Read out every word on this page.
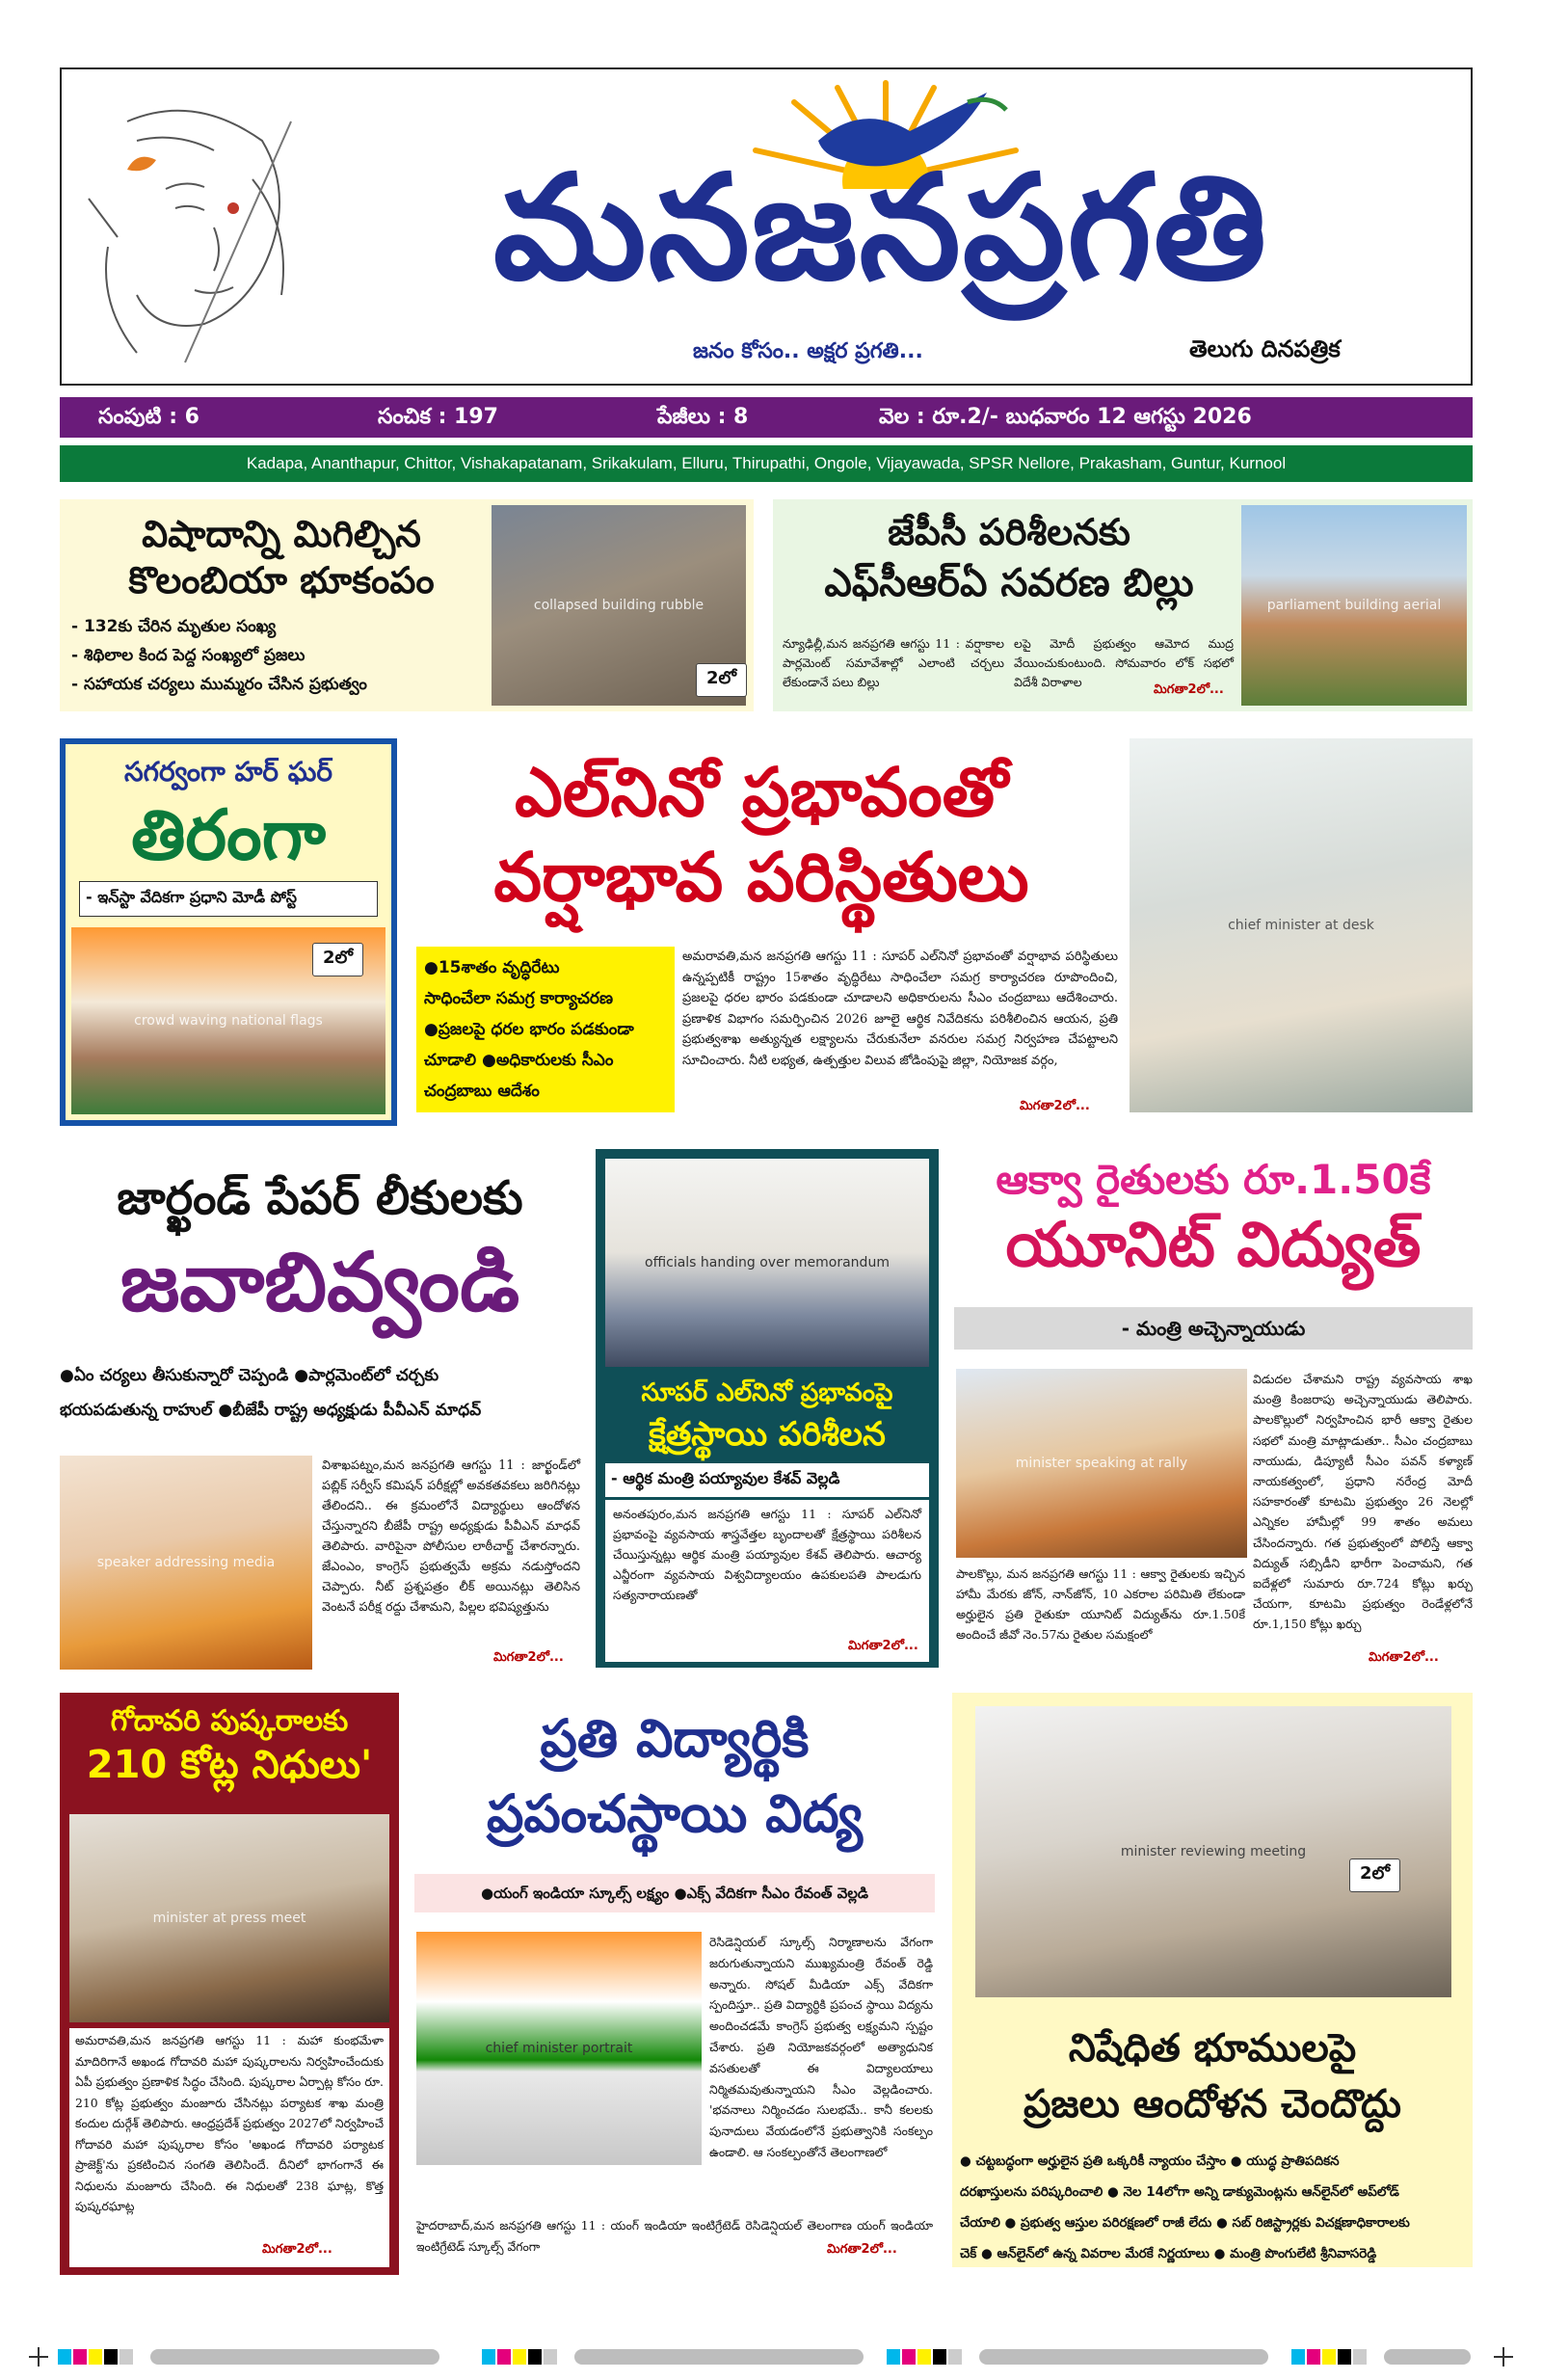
మనజనప్రగతి
జనం కోసం.. అక్షర ప్రగతి...	తెలుగు దినపత్రిక
సంపుటి : 6	సంచిక : 197	పేజీలు : 8	వెల : రూ.2/- బుధవారం 12 ఆగస్టు 2026
Kadapa, Ananthapur, Chittor, Vishakapatanam, Srikakulam, Elluru, Thirupathi, Ongole, Vijayawada, SPSR Nellore, Prakasham, Guntur, Kurnool
విషాదాన్ని మిగిల్చిన
కొలంబియా భూకంపం
- 132కు చేరిన మృతుల సంఖ్య
- శిథిలాల కింద పెద్ద సంఖ్యలో ప్రజలు
- సహాయక చర్యలు ముమ్మరం చేసిన ప్రభుత్వం
collapsed building rubble
2లో
జేపీసీ పరిశీలనకు
ఎఫ్‌సీఆర్‌ఏ సవరణ బిల్లు
న్యూఢిల్లీ,మన జనప్రగతి ఆగస్టు 11 : వర్షాకాల పార్లమెంట్ సమావేశాల్లో ఎలాంటి చర్చలు లేకుండానే పలు బిల్లు
లపై మోదీ ప్రభుత్వం ఆమోద ముద్ర వేయించుకుంటుంది. సోమవారం లోక్ సభలో విదేశీ విరాళాల
మిగతా2లో...
parliament building aerial
సగర్వంగా హర్ ఘర్
తిరంగా
- ఇన్‌స్టా వేదికగా ప్రధాని మోడీ పోస్ట్
crowd waving national flags
2లో
ఎల్‌నినో ప్రభావంతో
వర్షాభావ పరిస్థితులు
●15శాతం వృద్ధిరేటు
సాధించేలా సమగ్ర కార్యాచరణ
●ప్రజలపై ధరల భారం పడకుండా
చూడాలి ●అధికారులకు సీఎం
చంద్రబాబు ఆదేశం
అమరావతి,మన జనప్రగతి ఆగస్టు 11 : సూపర్ ఎల్‌నినో ప్రభావంతో వర్షాభావ పరిస్థితులు ఉన్నప్పటికీ రాష్ట్రం 15శాతం వృద్ధిరేటు సాధించేలా సమగ్ర కార్యాచరణ రూపొందించి, ప్రజలపై ధరల భారం పడకుండా చూడాలని అధికారులను సీఎం చంద్రబాబు ఆదేశించారు. ప్రణాళిక విభాగం సమర్పించిన 2026 జూలై ఆర్థిక నివేదికను పరిశీలించిన ఆయన, ప్రతి ప్రభుత్వశాఖ అత్యున్నత లక్ష్యాలను చేరుకునేలా వనరుల సమగ్ర నిర్వహణ చేపట్టాలని సూచించారు. నీటి లభ్యత, ఉత్పత్తుల విలువ జోడింపుపై జిల్లా, నియోజక వర్గం,
మిగతా2లో...
chief minister at desk
జార్ఖండ్ పేపర్ లీకులకు
జవాబివ్వండి
●ఏం చర్యలు తీసుకున్నారో చెప్పండి ●పార్లమెంట్‌లో చర్చకు
భయపడుతున్న రాహుల్ ●బీజేపీ రాష్ట్ర అధ్యక్షుడు పీవీఎన్ మాధవ్
speaker addressing media
విశాఖపట్నం,మన జనప్రగతి ఆగస్టు 11 : జార్ఖండ్‌లో పబ్లిక్ సర్వీస్ కమిషన్ పరీక్షల్లో అవకతవకలు జరిగినట్లు తేలిందని.. ఈ క్రమంలోనే విద్యార్థులు ఆందోళన చేస్తున్నారని బీజేపీ రాష్ట్ర అధ్యక్షుడు పీవీఎన్ మాధవ్ తెలిపారు. వారిపైనా పోలీసుల లాఠీచార్జ్ చేశారన్నారు. జేఎంఎం, కాంగ్రెస్ ప్రభుత్వమే అక్రమ నడుస్తోందని చెప్పారు. నీట్ ప్రశ్నపత్రం లీక్ అయినట్లు తెలిసిన వెంటనే పరీక్ష రద్దు చేశామని, పిల్లల భవిష్యత్తును
మిగతా2లో...
officials handing over memorandum
సూపర్ ఎల్‌నినో ప్రభావంపై
క్షేత్రస్థాయి పరిశీలన
- ఆర్థిక మంత్రి పయ్యావుల కేశవ్ వెల్లడి
అనంతపురం,మన జనప్రగతి ఆగస్టు 11 : సూపర్ ఎల్‌నినో ప్రభావంపై వ్యవసాయ శాస్త్రవేత్తల బృందాలతో క్షేత్రస్థాయి పరిశీలన చేయిస్తున్నట్లు ఆర్థిక మంత్రి పయ్యావుల కేశవ్ తెలిపారు. ఆచార్య ఎన్జీరంగా వ్యవసాయ విశ్వవిద్యాలయం ఉపకులపతి పాలడుగు సత్యనారాయణతో
మిగతా2లో...
ఆక్వా రైతులకు రూ.1.50కే
యూనిట్ విద్యుత్
- మంత్రి అచ్చెన్నాయుడు
minister speaking at rally
విడుదల చేశామని రాష్ట్ర వ్యవసాయ శాఖ మంత్రి కింజరాపు అచ్చెన్నాయుడు తెలిపారు. పాలకొల్లులో నిర్వహించిన భారీ ఆక్వా రైతుల సభలో మంత్రి మాట్లాడుతూ.. సీఎం చంద్రబాబు నాయుడు, డిప్యూటీ సీఎం పవన్ కళ్యాణ్ నాయకత్వంలో, ప్రధాని నరేంద్ర మోదీ సహకారంతో కూటమి ప్రభుత్వం 26 నెలల్లో ఎన్నికల హామీల్లో 99 శాతం అమలు చేసిందన్నారు. గత ప్రభుత్వంలో పోలిస్తే ఆక్వా విద్యుత్ సబ్సిడీని భారీగా పెంచామని, గత ఐదేళ్లలో సుమారు రూ.724 కోట్లు ఖర్చు చేయగా, కూటమి ప్రభుత్వం రెండేళ్లలోనే రూ.1,150 కోట్లు ఖర్చు
పాలకొల్లు, మన జనప్రగతి ఆగస్టు 11 : ఆక్వా రైతులకు ఇచ్చిన హామీ మేరకు జోన్, నాన్‌జోన్, 10 ఎకరాల పరిమితి లేకుండా అర్హులైన ప్రతి రైతుకూ యూనిట్ విద్యుత్‌ను రూ.1.50కే అందించే జీవో నెం.57ను రైతుల సమక్షంలో
మిగతా2లో...
గోదావరి పుష్కరాలకు
210 కోట్ల నిధులు'
minister at press meet
అమరావతి,మన జనప్రగతి ఆగస్టు 11 : మహా కుంభమేళా మాదిరిగానే అఖండ గోదావరి మహా పుష్కరాలను నిర్వహించేందుకు ఏపీ ప్రభుత్వం ప్రణాళిక సిద్ధం చేసింది. పుష్కరాల ఏర్పాట్ల కోసం రూ. 210 కోట్ల ప్రభుత్వం మంజూరు చేసినట్లు పర్యాటక శాఖ మంత్రి కందుల దుర్గేశ్ తెలిపారు. ఆంధ్రప్రదేశ్ ప్రభుత్వం 2027లో నిర్వహించే గోదావరి మహా పుష్కరాల కోసం 'అఖండ గోదావరి పర్యాటక ప్రాజెక్ట్'ను ప్రకటించిన సంగతి తెలిసిందే. దీనిలో భాగంగానే ఈ నిధులను మంజూరు చేసింది. ఈ నిధులతో 238 ఘాట్ల, కొత్త పుష్కరఘాట్ల
మిగతా2లో...
ప్రతి విద్యార్థికి
ప్రపంచస్థాయి విద్య
●యంగ్ ఇండియా స్కూల్స్ లక్ష్యం ●ఎక్స్ వేదికగా సీఎం రేవంత్ వెల్లడి
chief minister portrait
రెసిడెన్షియల్ స్కూల్స్ నిర్మాణాలను వేగంగా జరుగుతున్నాయని ముఖ్యమంత్రి రేవంత్ రెడ్డి అన్నారు. సోషల్ మీడియా ఎక్స్ వేదికగా స్పందిస్తూ.. ప్రతి విద్యార్థికి ప్రపంచ స్థాయి విద్యను అందించడమే కాంగ్రెస్ ప్రభుత్వ లక్ష్యమని స్పష్టం చేశారు. ప్రతి నియోజకవర్గంలో అత్యాధునిక వసతులతో ఈ విద్యాలయాలు నిర్మితమవుతున్నాయని సీఎం వెల్లడించారు. 'భవనాలు నిర్మించడం సులభమే.. కానీ కలలకు పునాదులు వేయడంలోనే ప్రభుత్వానికి సంకల్పం ఉండాలి. ఆ సంకల్పంతోనే తెలంగాణలో
హైదరాబాద్,మన జనప్రగతి ఆగస్టు 11 : యంగ్ ఇండియా ఇంటిగ్రేటెడ్ రెసిడెన్షియల్ తెలంగాణ యంగ్ ఇండియా ఇంటిగ్రేటెడ్ స్కూల్స్ వేగంగా	మిగతా2లో...
minister reviewing meeting
2లో
నిషేధిత భూములపై
ప్రజలు ఆందోళన చెందొద్దు
● చట్టబద్ధంగా అర్హులైన ప్రతి ఒక్కరికీ న్యాయం చేస్తాం ● యుద్ధ ప్రాతిపదికన
దరఖాస్తులను పరిష్కరించాలి ● నెల 14లోగా అన్ని డాక్యుమెంట్లను ఆన్‌లైన్‌లో అప్‌లోడ్
చేయాలి ● ప్రభుత్వ ఆస్తుల పరిరక్షణలో రాజీ లేదు ● సబ్ రిజిస్ట్రార్లకు విచక్షణాధికారాలకు
చెక్ ● ఆన్‌లైన్‌లో ఉన్న వివరాల మేరకే నిర్ణయాలు ● మంత్రి పొంగులేటి శ్రీనివాసరెడ్డి
